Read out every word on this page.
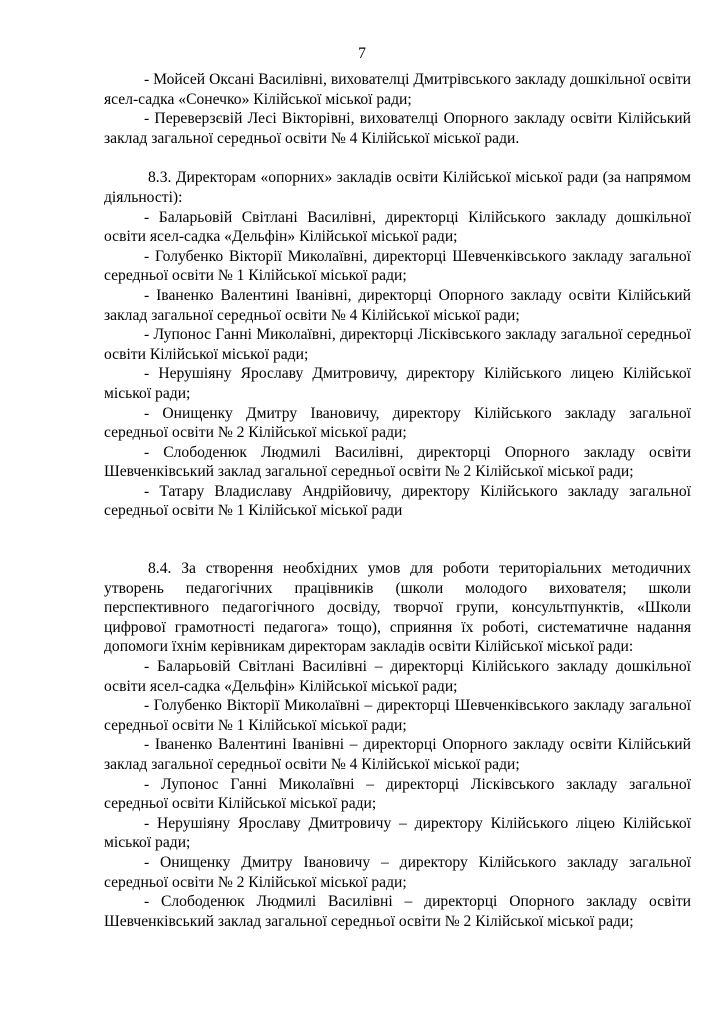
7

- Мойсей Оксані Василівні, вихователці Дмитрівського закладу дошкільної освіти ясел-садка «Сонечко» Кілійської міської ради;

- Переверзєвій Лесі Вікторівні, вихователці Опорного закладу освіти Кілійський заклад загальної середньої освіти № 4 Кілійської міської ради.

8.3. Директорам «опорних» закладів освіти Кілійської міської ради (за напрямом діяльності):

- Баларьовій Світлані Василівні, директорці Кілійського закладу дошкільної освіти ясел-садка «Дельфін» Кілійської міської ради;

- Голубенко Вікторії Миколаївні, директорці Шевченківського закладу загальної середньої освіти № 1 Кілійської міської ради;

- Іваненко Валентині Іванівні, директорці Опорного закладу освіти Кілійський заклад загальної середньої освіти № 4 Кілійської міської ради;

- Лупонос Ганні Миколаївні, директорці Лісківського закладу загальної середньої освіти Кілійської міської ради;

- Нерушіяну Ярославу Дмитровичу, директору Кілійського лицею Кілійської міської ради;

- Онищенку Дмитру Івановичу, директору Кілійського закладу загальної середньої освіти № 2 Кілійської міської ради;

- Слободенюк Людмилі Василівні, директорці Опорного закладу освіти Шевченківський заклад загальної середньої освіти № 2 Кілійської міської ради;

- Татару Владиславу Андрійовичу, директору Кілійського закладу загальної середньої освіти № 1 Кілійської міської ради

8.4. За створення необхідних умов для роботи територіальних методичних утворень педагогічних працівників (школи молодого вихователя; школи перспективного педагогічного досвіду, творчої групи, консультпунктів, «Школи цифрової грамотності педагога» тощо), сприяння їх роботі, систематичне надання допомоги їхнім керівникам директорам закладів освіти Кілійської міської ради:

- Баларьовій Світлані Василівні – директорці Кілійського закладу дошкільної освіти ясел-садка «Дельфін» Кілійської міської ради;

- Голубенко Вікторії Миколаївні – директорці Шевченківського закладу загальної середньої освіти № 1 Кілійської міської ради;

- Іваненко Валентині Іванівні – директорці Опорного закладу освіти Кілійський заклад загальної середньої освіти № 4 Кілійської міської ради;

- Лупонос Ганні Миколаївні – директорці Лісківського закладу загальної середньої освіти Кілійської міської ради;

- Нерушіяну Ярославу Дмитровичу – директору Кілійського ліцею Кілійської міської ради;

- Онищенку Дмитру Івановичу – директору Кілійського закладу загальної середньої освіти № 2 Кілійської міської ради;

- Слободенюк Людмилі Василівні – директорці Опорного закладу освіти Шевченківський заклад загальної середньої освіти № 2 Кілійської міської ради;
